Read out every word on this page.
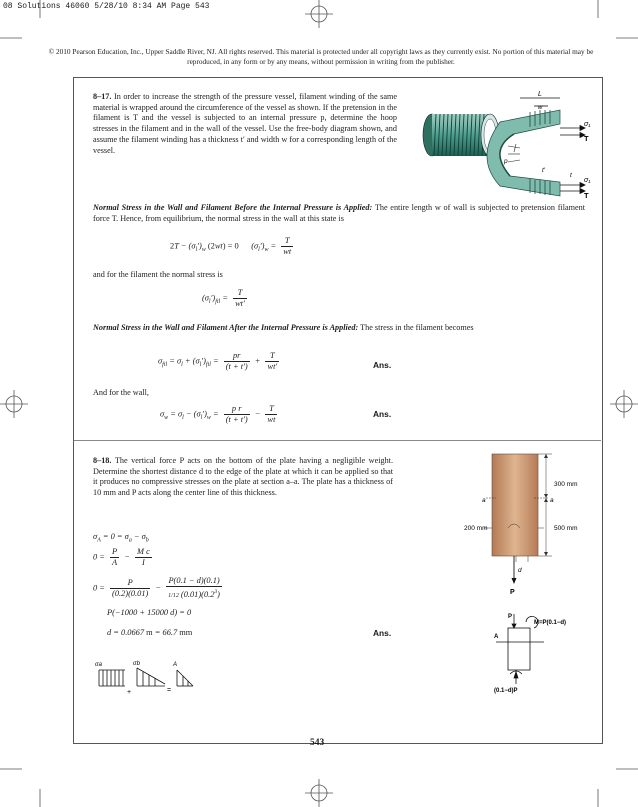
08 Solutions 46060 5/28/10 8:34 AM Page 543
© 2010 Pearson Education, Inc., Upper Saddle River, NJ. All rights reserved. This material is protected under all copyright laws as they currently exist. No portion of this material may be reproduced, in any form or by any means, without permission in writing from the publisher.
8–17. In order to increase the strength of the pressure vessel, filament winding of the same material is wrapped around the circumference of the vessel as shown. If the pretension in the filament is T and the vessel is subjected to an internal pressure p, determine the hoop stresses in the filament and in the wall of the vessel. Use the free-body diagram shown, and assume the filament winding has a thickness t′ and width w for a corresponding length of the vessel.
L
w
σ₁
T
p
t′
t
σ₁
T
Normal Stress in the Wall and Filament Before the Internal Pressure is Applied: The entire length w of wall is subjected to pretension filament force T. Hence, from equilibrium, the normal stress in the wall at this state is
$2T - (\sigma_l')_w$ (2wt) = 0      $(\sigma_l')_w = \frac{T}{wt}$
and for the filament the normal stress is
$(\sigma_l')_{fil} = \frac{T}{wt'}$
Normal Stress in the Wall and Filament After the Internal Pressure is Applied: The stress in the filament becomes
$\sigma_{fil} = \sigma_l + (\sigma_l')_{fil} = \frac{pr}{(t + t')} + \frac{T}{wt'}$	Ans.
And for the wall,
$\sigma_w = \sigma_l - (\sigma_l')_w = \frac{\text{p r}}{(t + t')} - \frac{T}{wt}$	Ans.
8–18. The vertical force P acts on the bottom of the plate having a negligible weight. Determine the shortest distance d to the edge of the plate at which it can be applied so that it produces no compressive stresses on the plate at section a–a. The plate has a thickness of 10 mm and P acts along the center line of this thickness.
300 mm
500 mm
200 mm
a	a
d
P
$\sigma_A = 0 = \sigma_a - \sigma_b$
$0 = \frac{P}{A} - \frac{\text{M c}}{I}$
$0 = \frac{P}{(0.2)(0.01)} - \frac{P(0.1 - d)(0.1)}{1/12 (0.01)(0.2^3)}$
P(−1000 + 15000 d) = 0
d = 0.0667 m = 66.7 mm	Ans.
P
M=P(0.1−d)
A
(0.1−d)P
σa	σb	A
+	=
543
